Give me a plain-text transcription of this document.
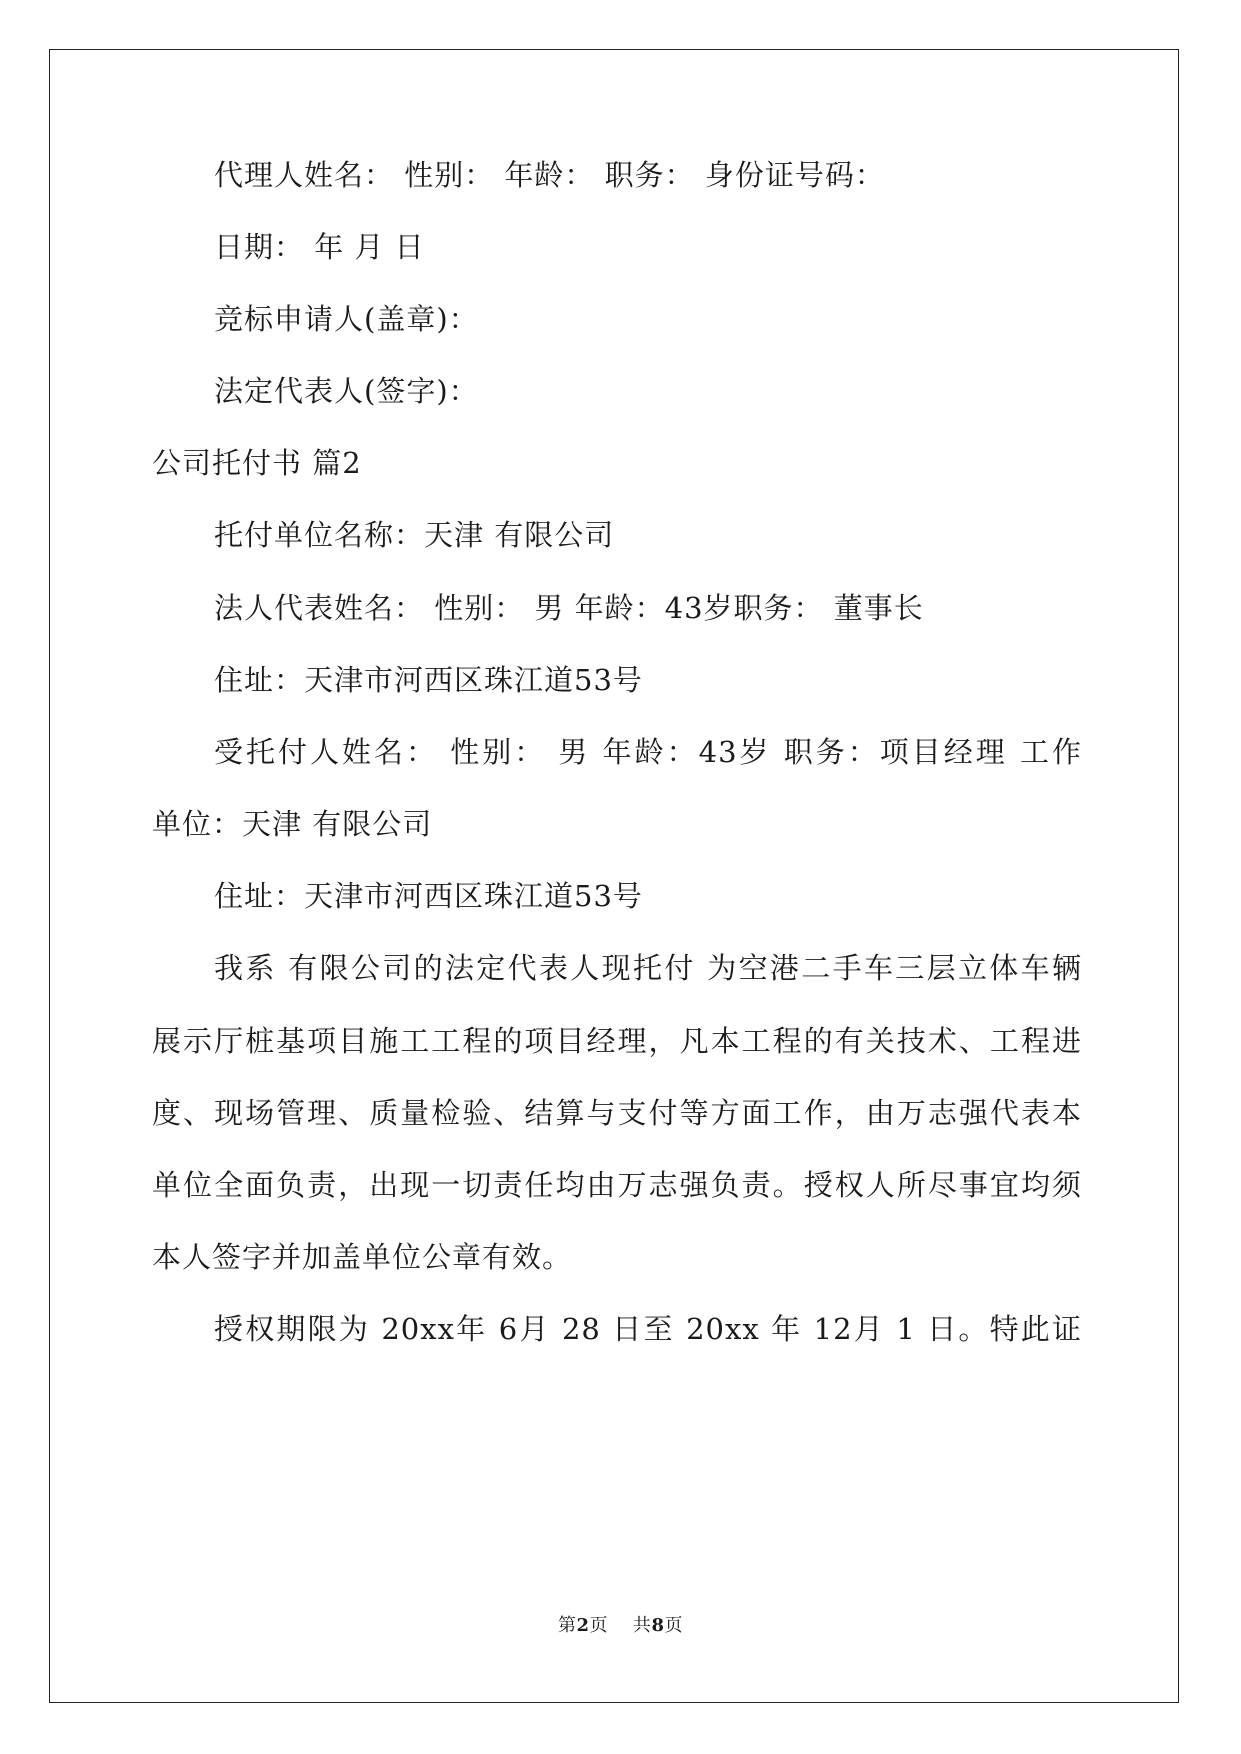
代理人姓名： 性别： 年龄： 职务： 身份证号码：
日期： 年 月 日
竞标申请人(盖章)：
法定代表人(签字)：
公司托付书 篇2
托付单位名称：天津 有限公司
法人代表姓名： 性别： 男 年龄：43岁职务： 董事长
住址：天津市河西区珠江道53号
受托付人姓名： 性别： 男 年龄：43岁 职务：项目经理 工作
单位：天津 有限公司
住址：天津市河西区珠江道53号
我系 有限公司的法定代表人现托付 为空港二手车三层立体车辆
展示厅桩基项目施工工程的项目经理，凡本工程的有关技术、工程进
度、现场管理、质量检验、结算与支付等方面工作，由万志强代表本
单位全面负责，出现一切责任均由万志强负责。授权人所尽事宜均须
本人签字并加盖单位公章有效。
授权期限为 20xx年 6月 28 日至 20xx 年 12月 1 日。特此证
第2页    共8页
